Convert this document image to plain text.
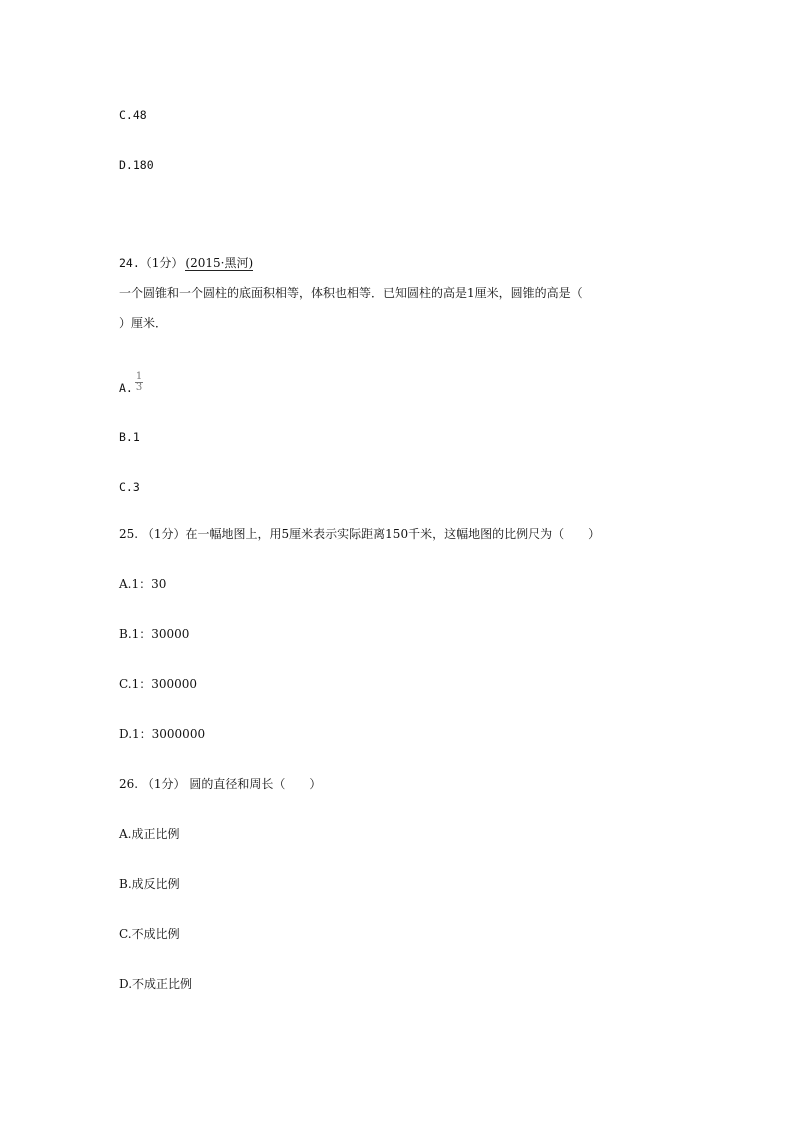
C.48
D.180
24.（1分） (2015·黑河)
一个圆锥和一个圆柱的底面积相等，体积也相等．已知圆柱的高是1厘米，圆锥的高是（
）厘米．
A. $\frac{1}{3}$
B.1
C.3
25. （1分）在一幅地图上，用5厘米表示实际距离150千米，这幅地图的比例尺为（　　）
A.1：30
B.1：30000
C.1：300000
D.1：3000000
26. （1分） 圆的直径和周长（　　）
A.成正比例
B.成反比例
C.不成比例
D.不成正比例
